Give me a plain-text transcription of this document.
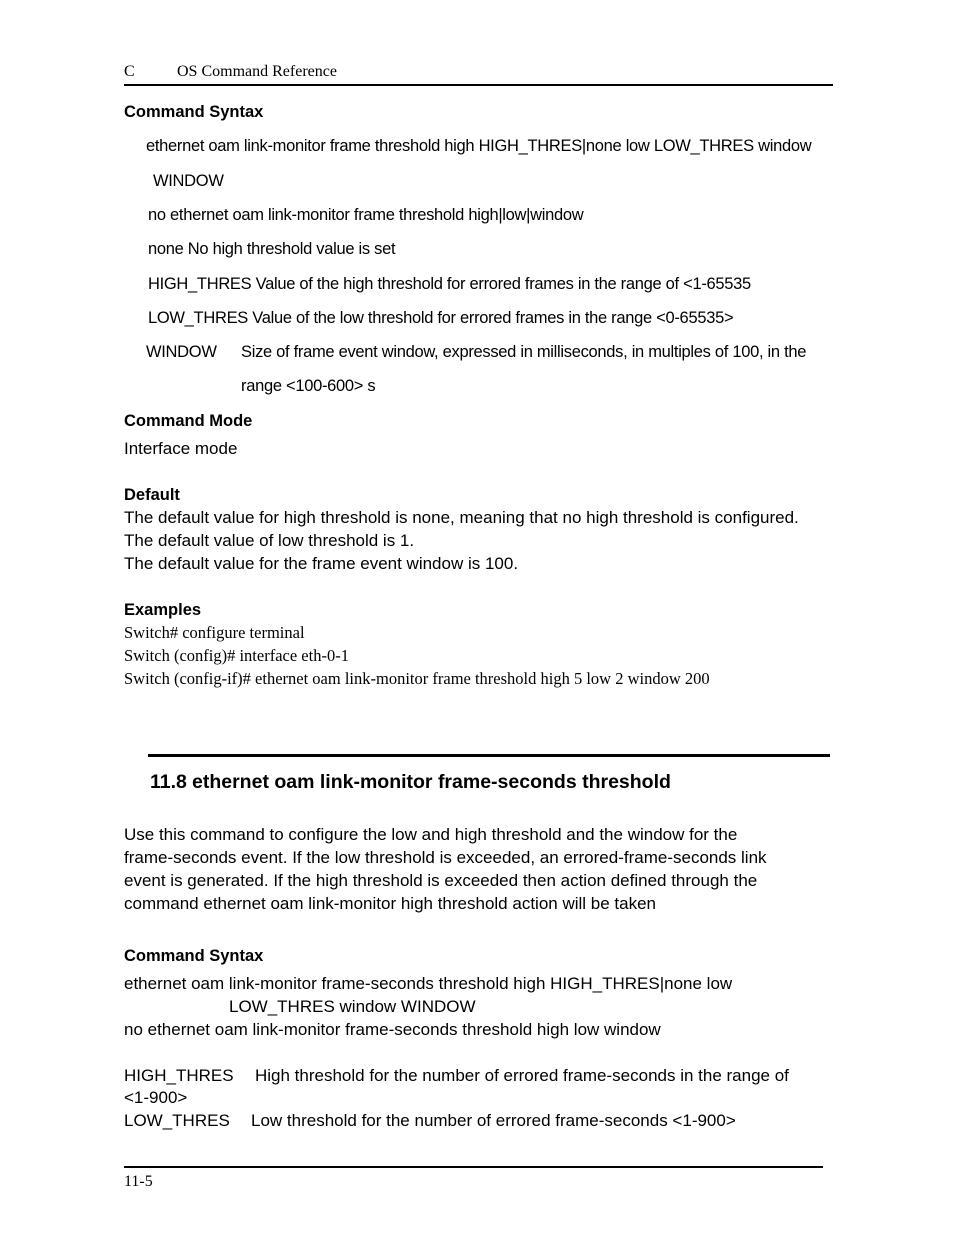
C	OS Command Reference
Command Syntax
ethernet oam link-monitor frame threshold high HIGH_THRES|none low LOW_THRES window
WINDOW
no ethernet oam link-monitor frame threshold high|low|window
none No high threshold value is set
HIGH_THRES Value of the high threshold for errored frames in the range of <1-65535
LOW_THRES Value of the low threshold for errored frames in the range <0-65535>
WINDOW Size of frame event window, expressed in milliseconds, in multiples of 100, in the
range <100-600> s
Command Mode
Interface mode
Default
The default value for high threshold is none, meaning that no high threshold is configured.
The default value of low threshold is 1.
The default value for the frame event window is 100.
Examples
Switch# configure terminal
Switch (config)# interface eth-0-1
Switch (config-if)# ethernet oam link-monitor frame threshold high 5 low 2 window 200
11.8 ethernet oam link-monitor frame-seconds threshold
Use this command to configure the low and high threshold and the window for the
frame-seconds event. If the low threshold is exceeded, an errored-frame-seconds link
event is generated. If the high threshold is exceeded then action defined through the
command ethernet oam link-monitor high threshold action will be taken
Command Syntax
ethernet oam link-monitor frame-seconds threshold high HIGH_THRES|none low
LOW_THRES window WINDOW
no ethernet oam link-monitor frame-seconds threshold high low window
HIGH_THRES High threshold for the number of errored frame-seconds in the range of
<1-900>
LOW_THRES Low threshold for the number of errored frame-seconds <1-900>
11-5
